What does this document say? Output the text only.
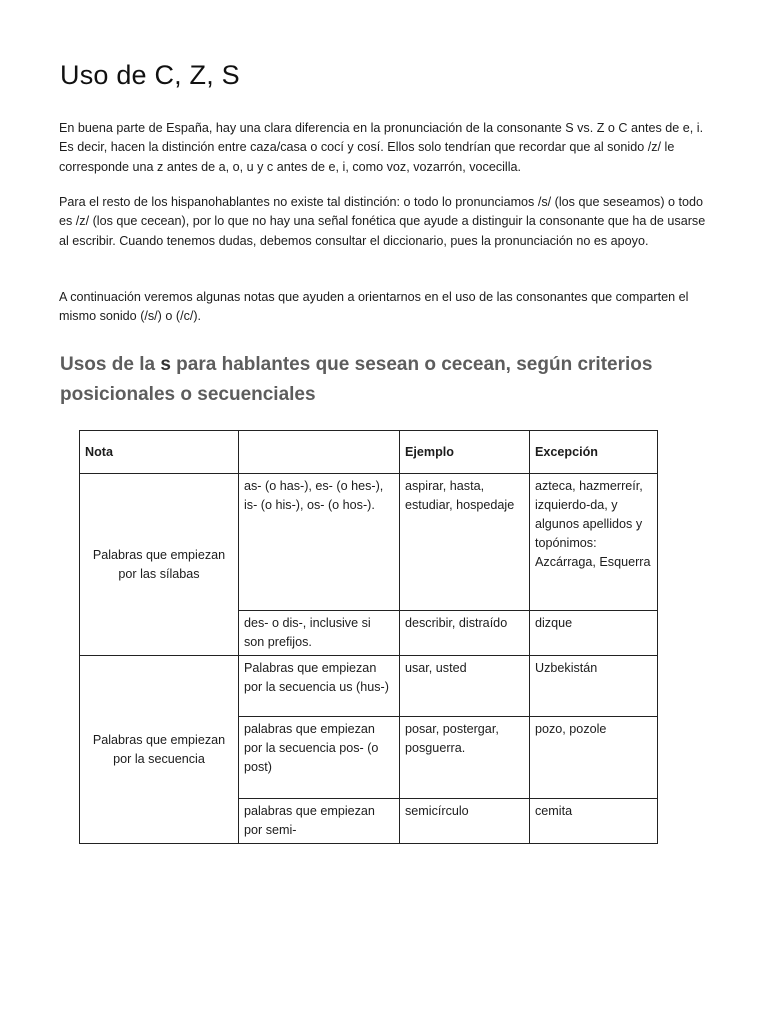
Uso de C, Z, S

En buena parte de España, hay una clara diferencia en la pronunciación de la consonante S vs. Z o C antes de e, i. Es decir, hacen la distinción entre caza/casa o cocí y cosí. Ellos solo tendrían que recordar que al sonido /z/ le corresponde una z antes de a, o, u y c antes de e, i, como voz, vozarrón, vocecilla.

Para el resto de los hispanohablantes no existe tal distinción: o todo lo pronunciamos /s/ (los que seseamos) o todo es /z/ (los que cecean), por lo que no hay una señal fonética que ayude a distinguir la consonante que ha de usarse al escribir. Cuando tenemos dudas, debemos consultar el diccionario, pues la pronunciación no es apoyo.

A continuación veremos algunas notas que ayuden a orientarnos en el uso de las consonantes que comparten el mismo sonido (/s/) o (/c/).

Usos de la s para hablantes que sesean o cecean, según criterios posicionales o secuenciales
Nota		Ejemplo	Excepción
Palabras que empiezan por las sílabas	as- (o has-), es- (o hes-), is- (o his-), os- (o hos-).	aspirar, hasta, estudiar, hospedaje	azteca, hazmerreír, izquierdo-da, y algunos apellidos y topónimos: Azcárraga, Esquerra
	des- o dis-, inclusive si son prefijos.	describir, distraído	dizque
Palabras que empiezan por la secuencia	Palabras que empiezan por la secuencia us (hus-)	usar, usted	Uzbekistán
	palabras que empiezan por la secuencia pos- (o post)	posar, postergar, posguerra.	pozo, pozole
	palabras que empiezan por semi-	semicírculo	cemita
